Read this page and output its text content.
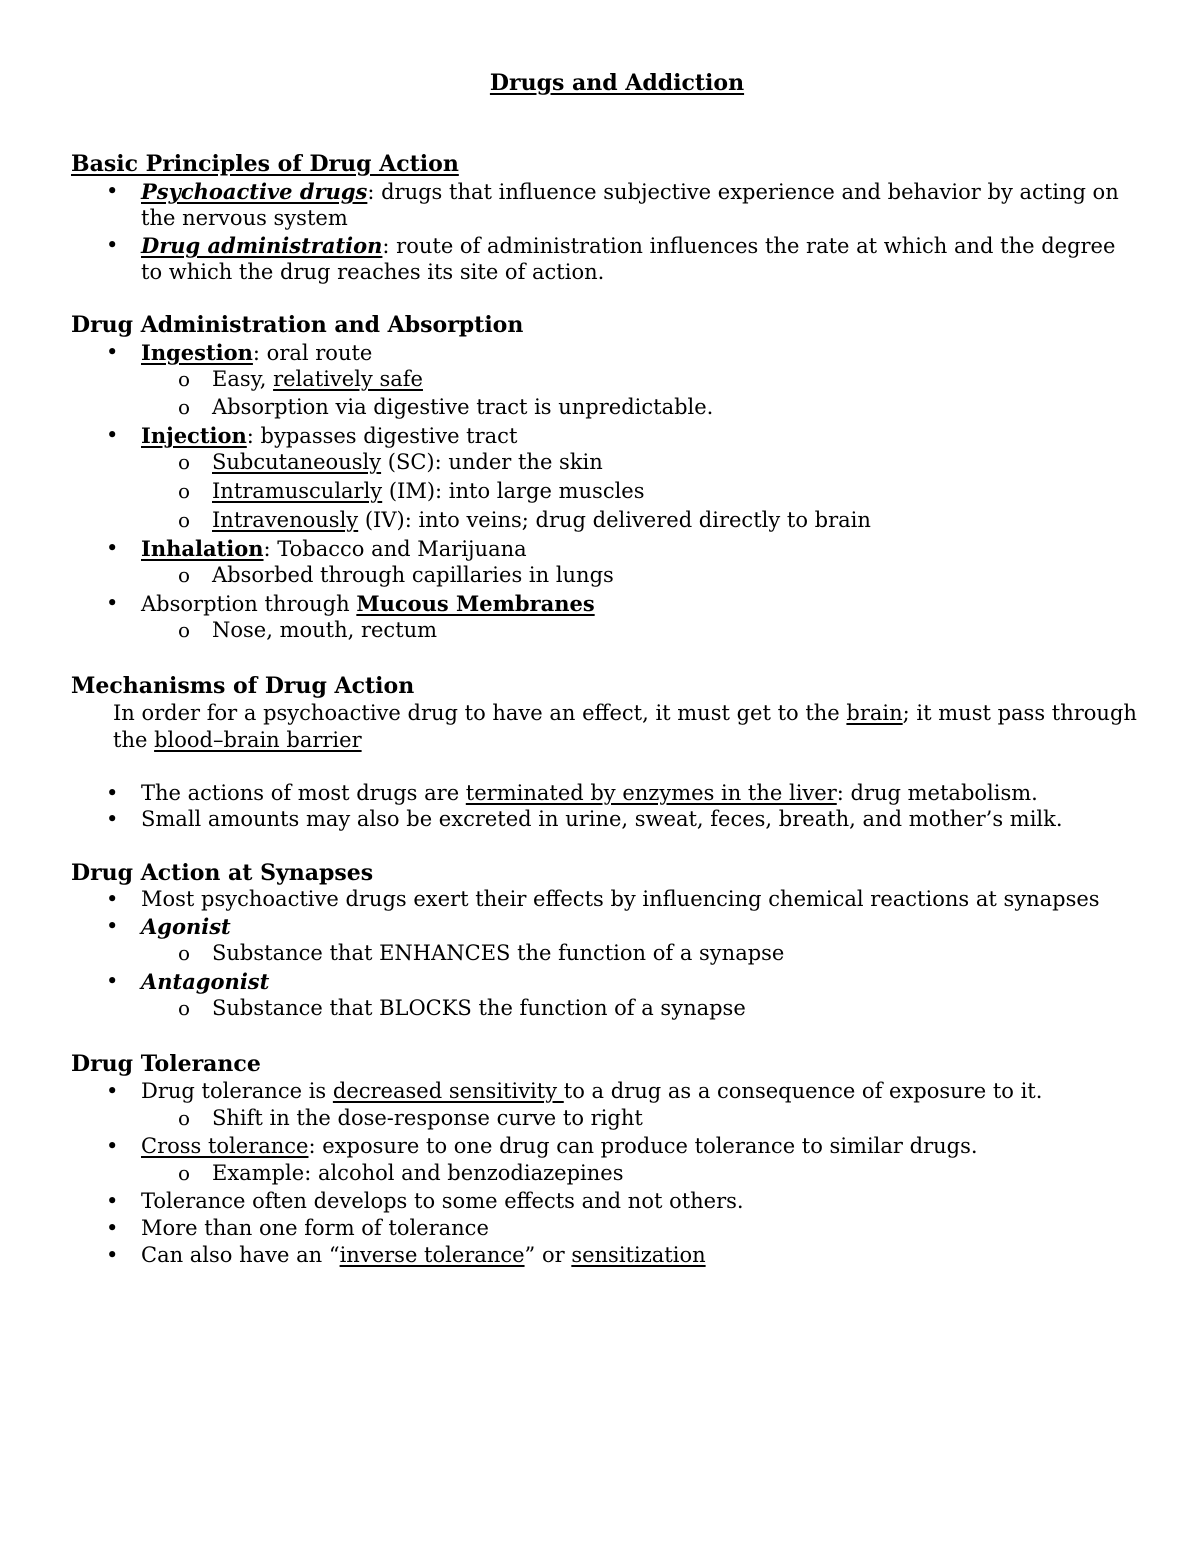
Drugs and Addiction
Basic Principles of Drug Action

• Psychoactive drugs: drugs that influence subjective experience and behavior by acting on

the nervous system

• Drug administration: route of administration influences the rate at which and the degree

to which the drug reaches its site of action.

Drug Administration and Absorption

• Ingestion: oral route

o Easy, relatively safe

o Absorption via digestive tract is unpredictable.

• Injection: bypasses digestive tract

o Subcutaneously (SC): under the skin

o Intramuscularly (IM): into large muscles

o Intravenously (IV): into veins; drug delivered directly to brain

• Inhalation: Tobacco and Marijuana

o Absorbed through capillaries in lungs

• Absorption through Mucous Membranes

o Nose, mouth, rectum

Mechanisms of Drug Action

In order for a psychoactive drug to have an effect, it must get to the brain; it must pass through

the blood–brain barrier

• The actions of most drugs are terminated by enzymes in the liver: drug metabolism.

• Small amounts may also be excreted in urine, sweat, feces, breath, and mother’s milk.

Drug Action at Synapses

• Most psychoactive drugs exert their effects by influencing chemical reactions at synapses

• Agonist

o Substance that ENHANCES the function of a synapse

• Antagonist

o Substance that BLOCKS the function of a synapse

Drug Tolerance

• Drug tolerance is decreased sensitivity to a drug as a consequence of exposure to it.

o Shift in the dose-response curve to right

• Cross tolerance: exposure to one drug can produce tolerance to similar drugs.

o Example: alcohol and benzodiazepines

• Tolerance often develops to some effects and not others.

• More than one form of tolerance

• Can also have an “inverse tolerance” or sensitization
